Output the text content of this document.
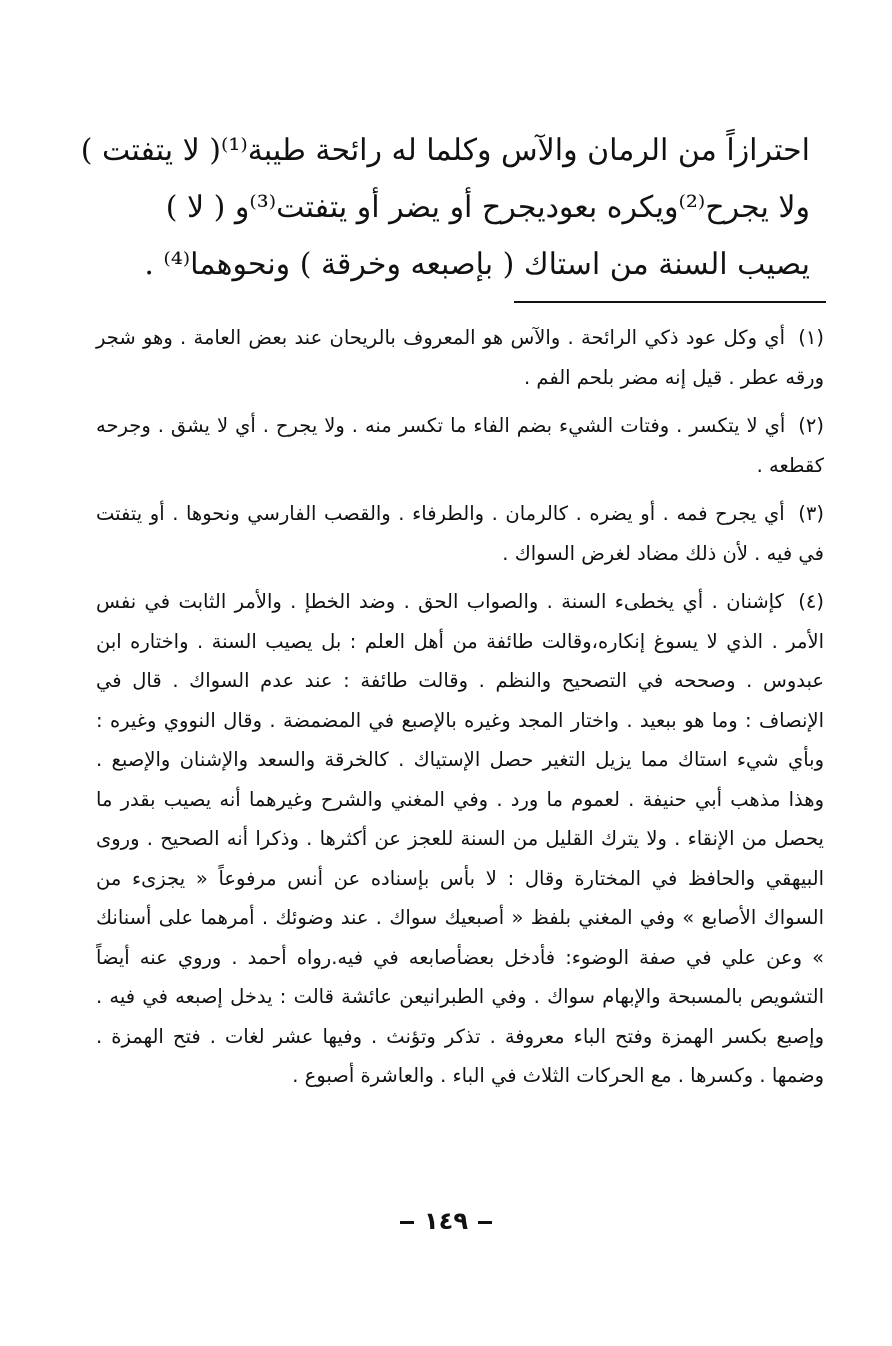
احترازاً من الرمان والآس وكلما له رائحة طيبة⁽¹⁾( لا يتفتت )
ولا يجرح⁽²⁾ويكره بعوديجرح أو يضر أو يتفتت⁽³⁾و ( لا )
يصيب السنة من استاك ( بإصبعه وخرقة ) ونحوهما⁽⁴⁾ .

(١) أي وكل عود ذكي الرائحة . والآس هو المعروف بالريحان عند بعض العامة . وهو شجر ورقه عطر . قيل إنه مضر بلحم الفم .

(٢) أي لا يتكسر . وفتات الشيء بضم الفاء ما تكسر منه . ولا يجرح . أي لا يشق . وجرحه كقطعه .

(٣) أي يجرح فمه . أو يضره . كالرمان . والطرفاء . والقصب الفارسي ونحوها . أو يتفتت في فيه . لأن ذلك مضاد لغرض السواك .

(٤) كإشنان . أي يخطىء السنة . والصواب الحق . وضد الخطإ . والأمر الثابت في نفس الأمر . الذي لا يسوغ إنكاره،وقالت طائفة من أهل العلم : بل يصيب السنة . واختاره ابن عبدوس . وصححه في التصحيح والنظم . وقالت طائفة : عند عدم السواك . قال في الإنصاف : وما هو ببعيد . واختار المجد وغيره بالإصبع في المضمضة . وقال النووي وغيره : وبأي شيء استاك مما يزيل التغير حصل الإستياك . كالخرقة والسعد والإشنان والإصبع . وهذا مذهب أبي حنيفة . لعموم ما ورد . وفي المغني والشرح وغيرهما أنه يصيب بقدر ما يحصل من الإنقاء . ولا يترك القليل من السنة للعجز عن أكثرها . وذكرا أنه الصحيح . وروى البيهقي والحافظ في المختارة وقال : لا بأس بإسناده عن أنس مرفوعاً « يجزىء من السواك الأصابع » وفي المغني بلفظ « أصبعيك سواك . عند وضوئك . أمرهما على أسنانك » وعن علي في صفة الوضوء: فأدخل بعضأصابعه في فيه.رواه أحمد . وروي عنه أيضاً التشويص بالمسبحة والإبهام سواك . وفي الطبرانيعن عائشة قالت : يدخل إصبعه في فيه . وإصبع بكسر الهمزة وفتح الباء معروفة . تذكر وتؤنث . وفيها عشر لغات . فتح الهمزة . وضمها . وكسرها . مع الحركات الثلاث في الباء . والعاشرة أصبوع .

١٤٩
